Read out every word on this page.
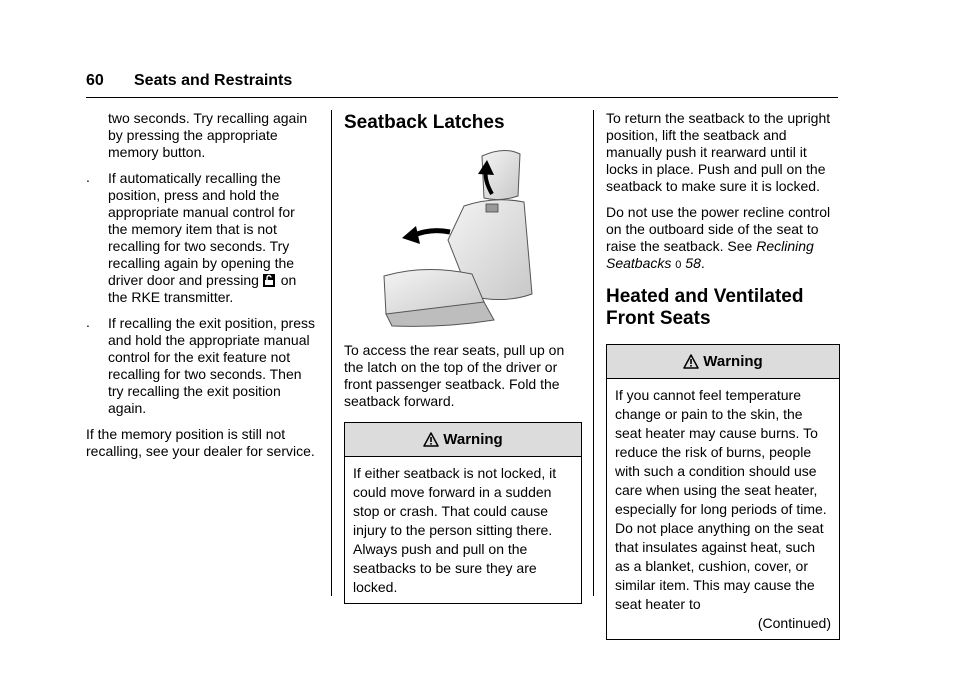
60 Seats and Restraints
two seconds. Try recalling again by pressing the appropriate memory button.
. If automatically recalling the position, press and hold the appropriate manual control for the memory item that is not recalling for two seconds. Try recalling again by opening the driver door and pressing on the RKE transmitter.
. If recalling the exit position, press and hold the appropriate manual control for the exit feature not recalling for two seconds. Then try recalling the exit position again.

If the memory position is still not recalling, see your dealer for service.

Seatback Latches

To access the rear seats, pull up on the latch on the top of the driver or front passenger seatback. Fold the seatback forward.

Warning
If either seatback is not locked, it could move forward in a sudden stop or crash. That could cause injury to the person sitting there. Always push and pull on the seatbacks to be sure they are locked.

To return the seatback to the upright position, lift the seatback and manually push it rearward until it locks in place. Push and pull on the seatback to make sure it is locked.

Do not use the power recline control on the outboard side of the seat to raise the seatback. See Reclining Seatbacks 0 58.

Heated and Ventilated
Front Seats
Warning
If you cannot feel temperature change or pain to the skin, the seat heater may cause burns. To reduce the risk of burns, people with such a condition should use care when using the seat heater, especially for long periods of time. Do not place anything on the seat that insulates against heat, such as a blanket, cushion, cover, or similar item. This may cause the seat heater to
(Continued)
